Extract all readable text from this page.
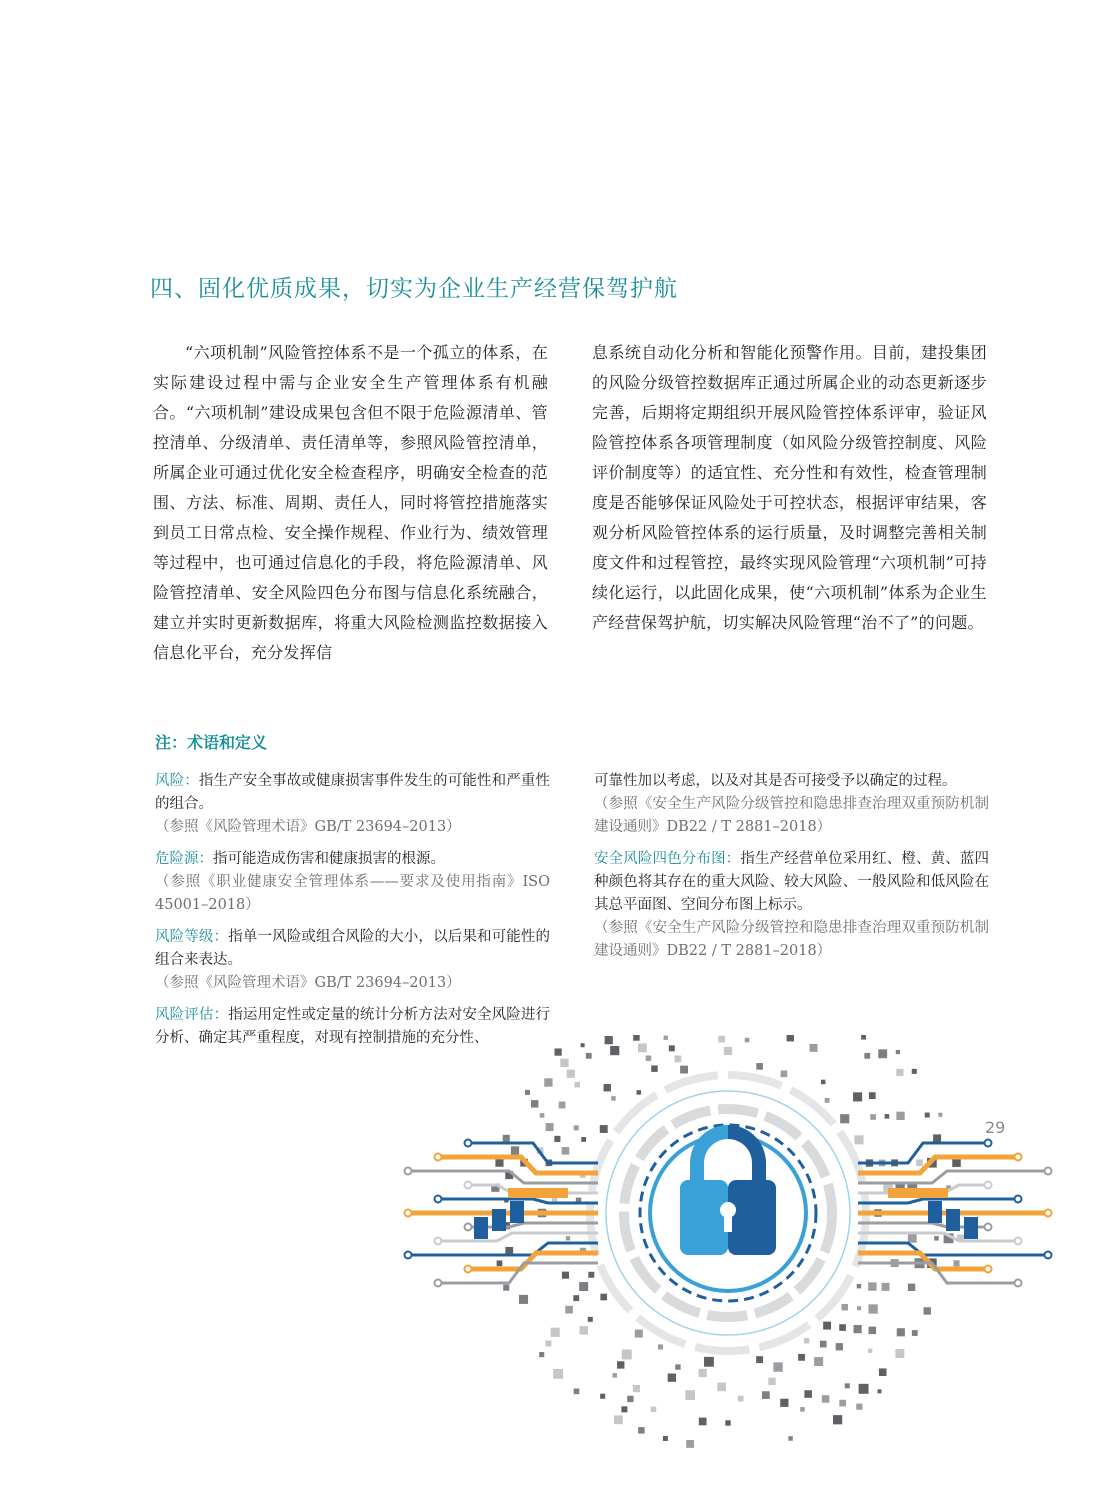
四、固化优质成果，切实为企业生产经营保驾护航

“六项机制”风险管控体系不是一个孤立的体系，在实际建设过程中需与企业安全生产管理体系有机融合。“六项机制”建设成果包含但不限于危险源清单、管控清单、分级清单、责任清单等，参照风险管控清单，所属企业可通过优化安全检查程序，明确安全检查的范围、方法、标准、周期、责任人，同时将管控措施落实到员工日常点检、安全操作规程、作业行为、绩效管理等过程中，也可通过信息化的手段，将危险源清单、风险管控清单、安全风险四色分布图与信息化系统融合，建立并实时更新数据库，将重大风险检测监控数据接入信息化平台，充分发挥信

息系统自动化分析和智能化预警作用。目前，建投集团的风险分级管控数据库正通过所属企业的动态更新逐步完善，后期将定期组织开展风险管控体系评审，验证风险管控体系各项管理制度（如风险分级管控制度、风险评价制度等）的适宜性、充分性和有效性，检查管理制度是否能够保证风险处于可控状态，根据评审结果，客观分析风险管控体系的运行质量，及时调整完善相关制度文件和过程管控，最终实现风险管理“六项机制”可持续化运行，以此固化成果，使“六项机制”体系为企业生产经营保驾护航，切实解决风险管理“治不了”的问题。

注：术语和定义
风险：指生产安全事故或健康损害事件发生的可能性和严重性的组合。
（参照《风险管理术语》GB/T 23694–2013）
危险源：指可能造成伤害和健康损害的根源。
（参照《职业健康安全管理体系——要求及使用指南》ISO 45001–2018）
风险等级：指单一风险或组合风险的大小，以后果和可能性的组合来表达。
（参照《风险管理术语》GB/T 23694–2013）
风险评估：指运用定性或定量的统计分析方法对安全风险进行分析、确定其严重程度，对现有控制措施的充分性、
可靠性加以考虑，以及对其是否可接受予以确定的过程。
（参照《安全生产风险分级管控和隐患排查治理双重预防机制建设通则》DB22 / T 2881–2018）
安全风险四色分布图：指生产经营单位采用红、橙、黄、蓝四种颜色将其存在的重大风险、较大风险、一般风险和低风险在其总平面图、空间分布图上标示。
（参照《安全生产风险分级管控和隐患排查治理双重预防机制建设通则》DB22 / T 2881–2018）
29
